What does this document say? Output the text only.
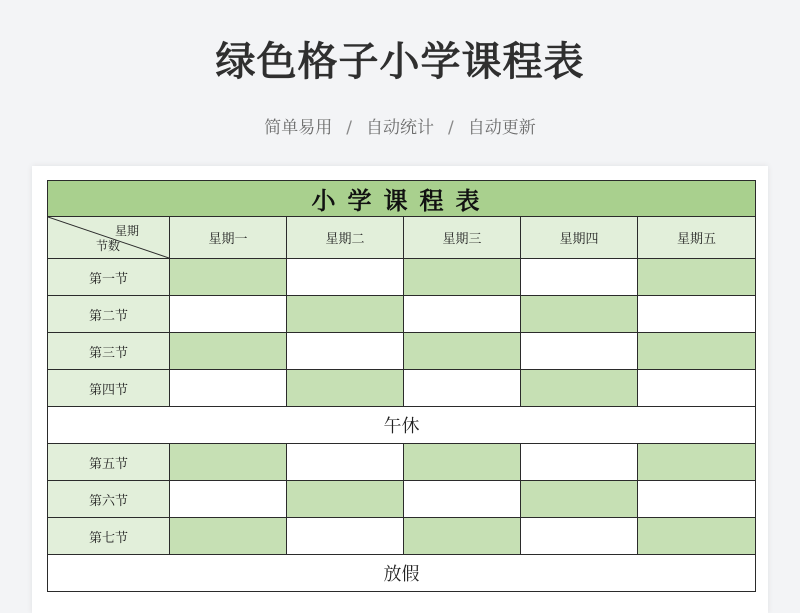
绿色格子小学课程表
简单易用 / 自动统计 / 自动更新
小学课程表					

星期
节数	星期一	星期二	星期三	星期四	星期五
第一节					
第二节					
第三节					
第四节					
午休					
第五节					
第六节					
第七节					
放假					
